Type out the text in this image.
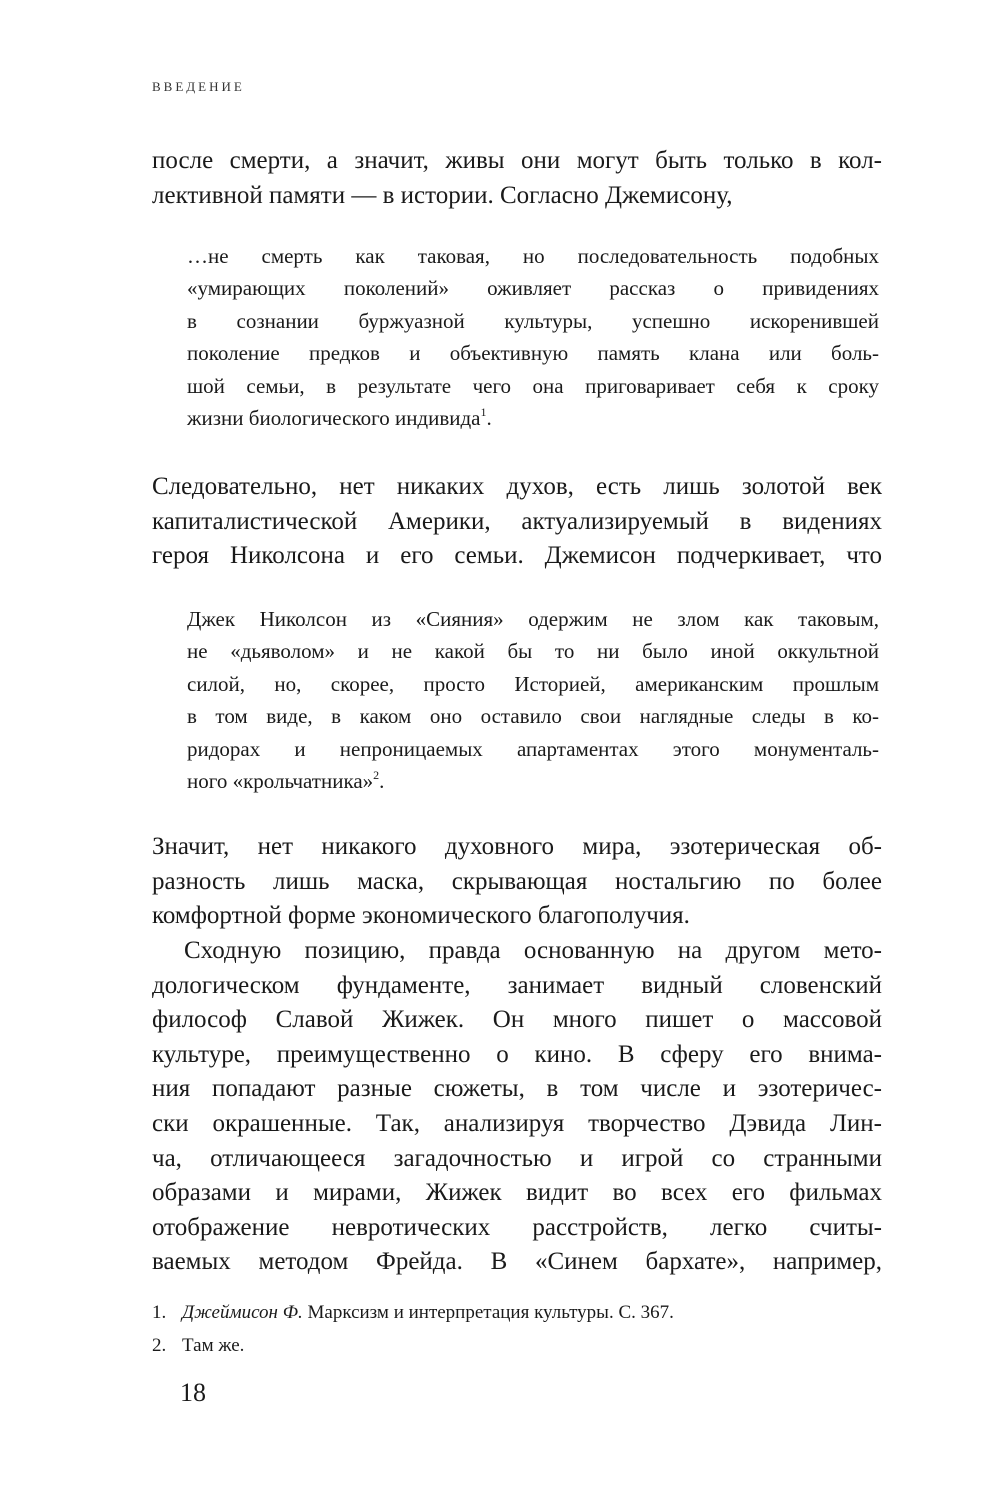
ВВЕДЕНИЕ
после смерти, а значит, живы они могут быть только в кол-
лективной памяти — в истории. Согласно Джемисону,
…не смерть как таковая, но последовательность подобных
«умирающих поколений» оживляет рассказ о привидениях
в сознании буржуазной культуры, успешно искоренившей
поколение предков и объективную память клана или боль-
шой семьи, в результате чего она приговаривает себя к сроку
жизни биологического индивида$^1$.
Следовательно, нет никаких духов, есть лишь золотой век
капиталистической Америки, актуализируемый в видениях
героя Николсона и его семьи. Джемисон подчеркивает, что
Джек Николсон из «Сияния» одержим не злом как таковым,
не «дьяволом» и не какой бы то ни было иной оккультной
силой, но, скорее, просто Историей, американским прошлым
в том виде, в каком оно оставило свои наглядные следы в ко-
ридорах и непроницаемых апартаментах этого монументаль-
ного «крольчатника»$^2$.
Значит, нет никакого духовного мира, эзотерическая об-
разность лишь маска, скрывающая ностальгию по более
комфортной форме экономического благополучия.
Сходную позицию, правда основанную на другом мето-
дологическом фундаменте, занимает видный словенский
философ Славой Жижек. Он много пишет о массовой
культуре, преимущественно о кино. В сферу его внима-
ния попадают разные сюжеты, в том числе и эзотеричес-
ски окрашенные. Так, анализируя творчество Дэвида Лин-
ча, отличающееся загадочностью и игрой со странными
образами и мирами, Жижек видит во всех его фильмах
отображение невротических расстройств, легко считы-
ваемых методом Фрейда. В «Синем бархате», например,
1. Джеймисон Ф. Марксизм и интерпретация культуры. С. 367.
2. Там же.
18
